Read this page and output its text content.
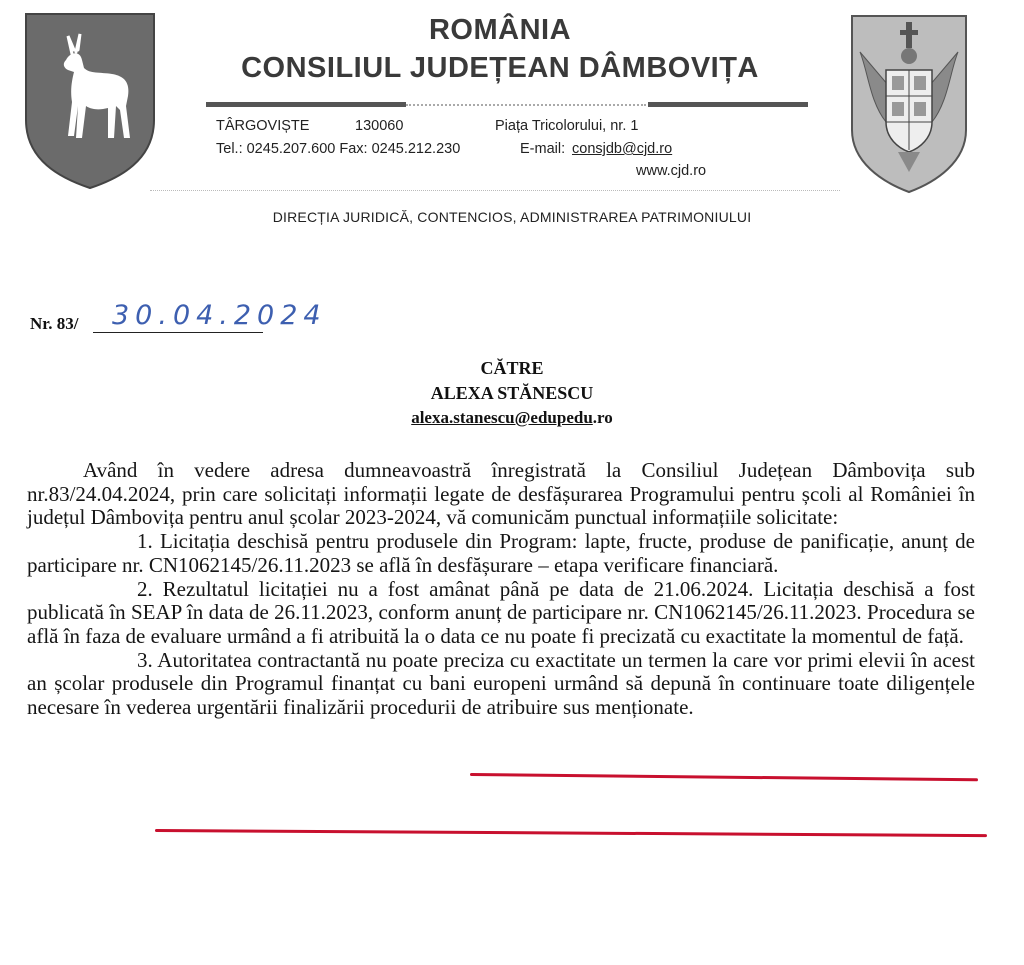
ROMÂNIA
CONSILIUL JUDEȚEAN DÂMBOVIȚA
TÂRGOVIȘTE	130060	Piața Tricolorului, nr. 1
Tel.: 0245.207.600 Fax: 0245.212.230	E-mail: consjdb@cjd.ro
www.cjd.ro
DIRECȚIA JURIDICĂ, CONTENCIOS, ADMINISTRAREA PATRIMONIULUI
Nr. 83/ 30.04.2024
CĂTRE
ALEXA STĂNESCU
alexa.stanescu@edupedu.ro

Având în vedere adresa dumneavoastră înregistrată la Consiliul Județean Dâmbovița sub nr.83/24.04.2024, prin care solicitați informații legate de desfășurarea Programului pentru școli al României în județul Dâmbovița pentru anul școlar 2023-2024, vă comunicăm punctual informațiile solicitate:

1. Licitația deschisă pentru produsele din Program: lapte, fructe, produse de panificație, anunț de participare nr. CN1062145/26.11.2023 se află în desfășurare – etapa verificare financiară.

2. Rezultatul licitației nu a fost amânat până pe data de 21.06.2024. Licitația deschisă a fost publicată în SEAP în data de 26.11.2023, conform anunț de participare nr. CN1062145/26.11.2023. Procedura se află în faza de evaluare urmând a fi atribuită la o data ce nu poate fi precizată cu exactitate la momentul de față.

3. Autoritatea contractantă nu poate preciza cu exactitate un termen la care vor primi elevii în acest an școlar produsele din Programul finanțat cu bani europeni urmând să depună în continuare toate diligențele necesare în vederea urgentării finalizării procedurii de atribuire sus menționate.
